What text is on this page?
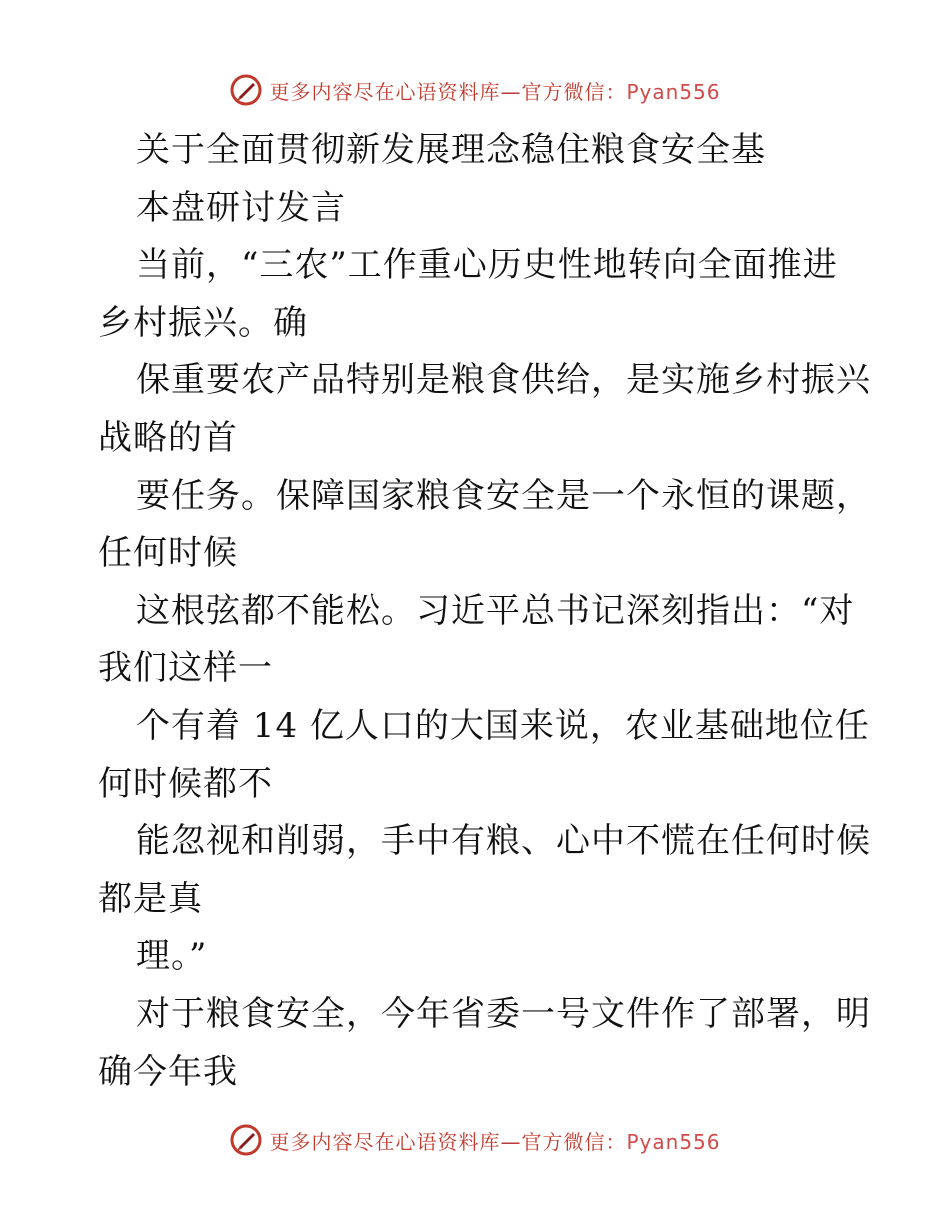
更多内容尽在心语资料库—官方微信：Pyan556
关于全面贯彻新发展理念稳住粮食安全基
本盘研讨发言
当前，“三农”工作重心历史性地转向全面推进
乡村振兴。确
保重要农产品特别是粮食供给，是实施乡村振兴
战略的首
要任务。保障国家粮食安全是一个永恒的课题，
任何时候
这根弦都不能松。习近平总书记深刻指出：“对
我们这样一
个有着 14 亿人口的大国来说，农业基础地位任
何时候都不
能忽视和削弱，手中有粮、心中不慌在任何时候
都是真
理。”
对于粮食安全，今年省委一号文件作了部署，明
确今年我
更多内容尽在心语资料库—官方微信：Pyan556
